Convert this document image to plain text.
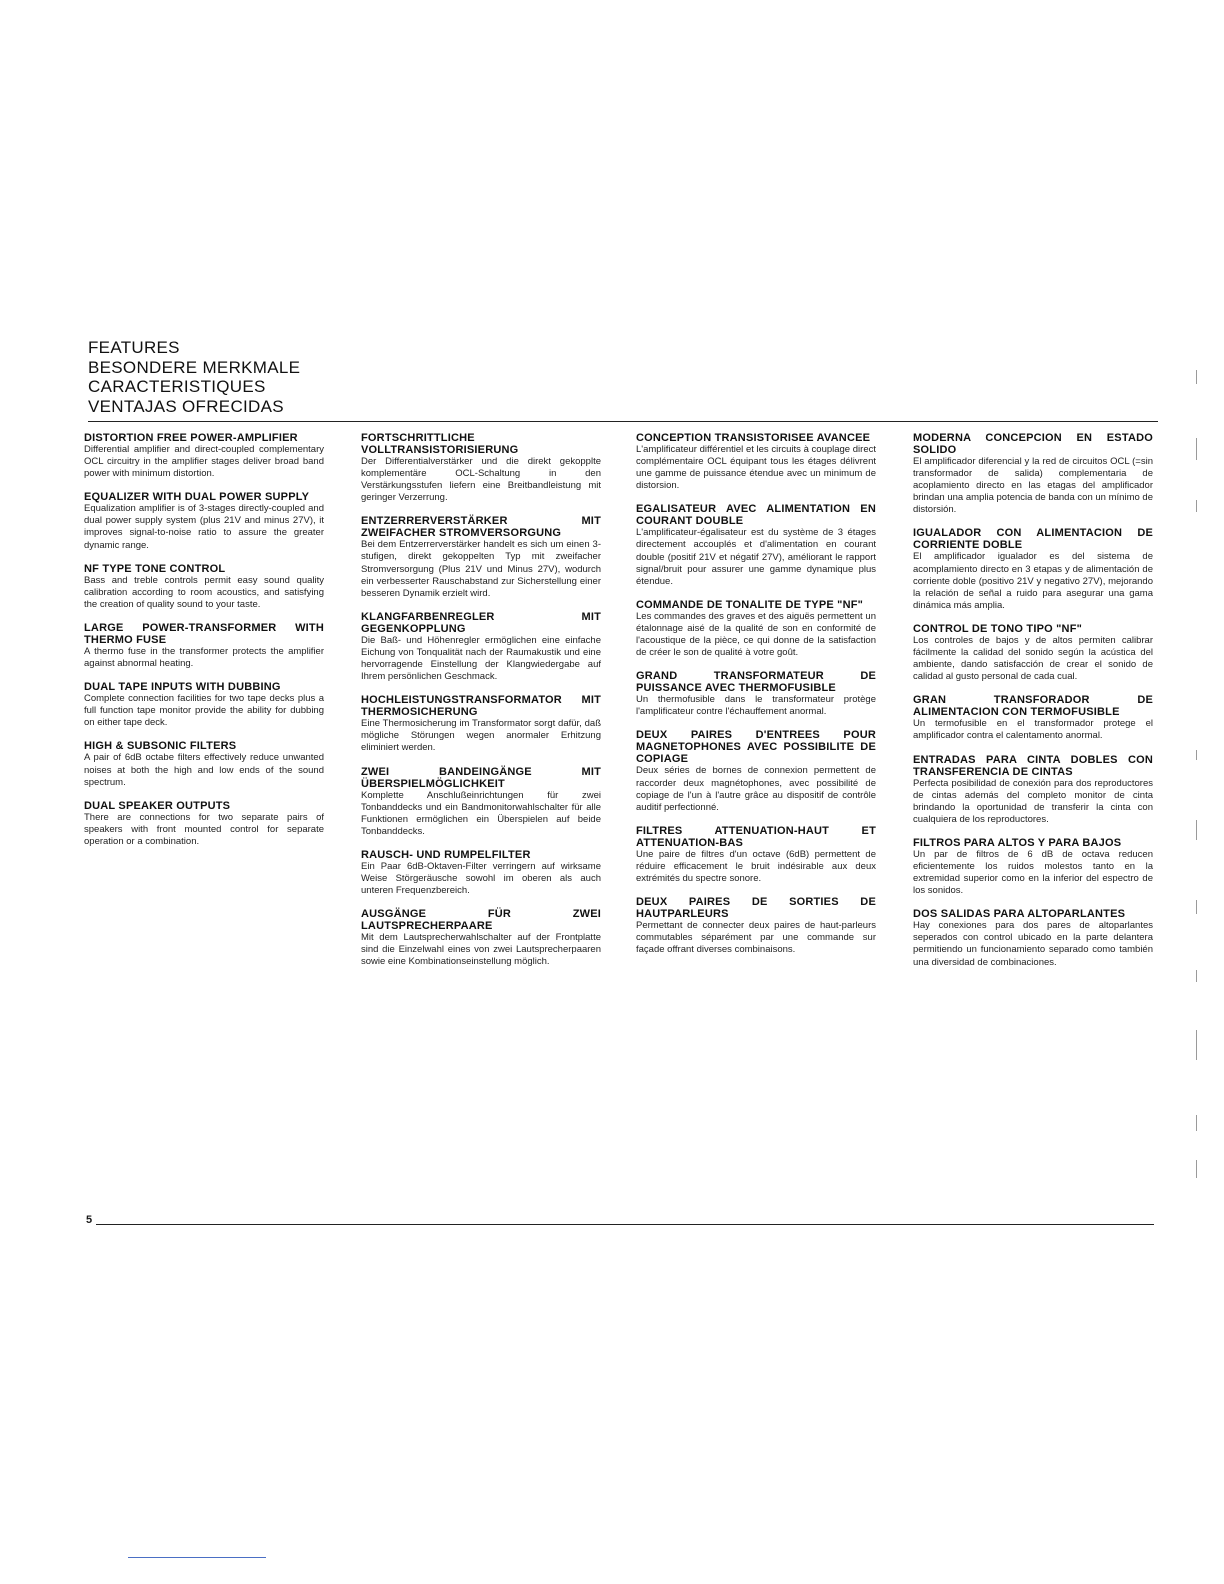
FEATURES
BESONDERE MERKMALE
CARACTERISTIQUES
VENTAJAS OFRECIDAS
DISTORTION FREE POWER-AMPLIFIER

Differential amplifier and direct-coupled complementary OCL circuitry in the amplifier stages deliver broad band power with minimum distortion.

EQUALIZER WITH DUAL POWER SUPPLY

Equalization amplifier is of 3-stages directly-coupled and dual power supply system (plus 21V and minus 27V), it improves signal-to-noise ratio to assure the greater dynamic range.

NF TYPE TONE CONTROL

Bass and treble controls permit easy sound quality calibration according to room acoustics, and satisfying the creation of quality sound to your taste.

LARGE POWER-TRANSFORMER WITH THERMO FUSE

A thermo fuse in the transformer protects the amplifier against abnormal heating.

DUAL TAPE INPUTS WITH DUBBING

Complete connection facilities for two tape decks plus a full function tape monitor provide the ability for dubbing on either tape deck.

HIGH & SUBSONIC FILTERS

A pair of 6dB octabe filters effectively reduce unwanted noises at both the high and low ends of the sound spectrum.

DUAL SPEAKER OUTPUTS

There are connections for two separate pairs of speakers with front mounted control for separate operation or a combination.

FORTSCHRITTLICHE VOLLTRANSISTORISIERUNG

Der Differentialverstärker und die direkt gekopplte komplementäre OCL-Schaltung in den Verstärkungsstufen liefern eine Breitbandleistung mit geringer Verzerrung.

ENTZERRERVERSTÄRKER MIT ZWEIFACHER STROMVERSORGUNG

Bei dem Entzerrerverstärker handelt es sich um einen 3-stufigen, direkt gekoppelten Typ mit zweifacher Stromversorgung (Plus 21V und Minus 27V), wodurch ein verbesserter Rauschabstand zur Sicherstellung einer besseren Dynamik erzielt wird.

KLANGFARBENREGLER MIT GEGENKOPPLUNG

Die Baß- und Höhenregler ermöglichen eine einfache Eichung von Tonqualität nach der Raumakustik und eine hervorragende Einstellung der Klangwiedergabe auf Ihrem persönlichen Geschmack.

HOCHLEISTUNGSTRANSFORMATOR MIT THERMOSICHERUNG

Eine Thermosicherung im Transformator sorgt dafür, daß mögliche Störungen wegen anormaler Erhitzung eliminiert werden.

ZWEI BANDEINGÄNGE MIT ÜBERSPIELMÖGLICHKEIT

Komplette Anschlußeinrichtungen für zwei Tonbanddecks und ein Bandmonitorwahlschalter für alle Funktionen ermöglichen ein Überspielen auf beide Tonbanddecks.

RAUSCH- UND RUMPELFILTER

Ein Paar 6dB-Oktaven-Filter verringern auf wirksame Weise Störgeräusche sowohl im oberen als auch unteren Frequenzbereich.

AUSGÄNGE FÜR ZWEI LAUTSPRECHERPAARE

Mit dem Lautsprecherwahlschalter auf der Frontplatte sind die Einzelwahl eines von zwei Lautsprecherpaaren sowie eine Kombinationseinstellung möglich.

CONCEPTION TRANSISTORISEE AVANCEE

L'amplificateur différentiel et les circuits à couplage direct complémentaire OCL équipant tous les étages délivrent une gamme de puissance étendue avec un minimum de distorsion.

EGALISATEUR AVEC ALIMENTATION EN COURANT DOUBLE

L'amplificateur-égalisateur est du système de 3 étages directement accouplés et d'alimentation en courant double (positif 21V et négatif 27V), améliorant le rapport signal/bruit pour assurer une gamme dynamique plus étendue.

COMMANDE DE TONALITE DE TYPE "NF"

Les commandes des graves et des aiguës permettent un étalonnage aisé de la qualité de son en conformité de l'acoustique de la pièce, ce qui donne de la satisfaction de créer le son de qualité à votre goût.

GRAND TRANSFORMATEUR DE PUISSANCE AVEC THERMOFUSIBLE

Un thermofusible dans le transformateur protège l'amplificateur contre l'échauffement anormal.

DEUX PAIRES D'ENTREES POUR MAGNETOPHONES AVEC POSSIBILITE DE COPIAGE

Deux séries de bornes de connexion permettent de raccorder deux magnétophones, avec possibilité de copiage de l'un à l'autre grâce au dispositif de contrôle auditif perfectionné.

FILTRES ATTENUATION-HAUT ET ATTENUATION-BAS

Une paire de filtres d'un octave (6dB) permettent de réduire efficacement le bruit indésirable aux deux extrémités du spectre sonore.

DEUX PAIRES DE SORTIES DE HAUTPARLEURS

Permettant de connecter deux paires de haut-parleurs commutables séparément par une commande sur façade offrant diverses combinaisons.

MODERNA CONCEPCION EN ESTADO SOLIDO

El amplificador diferencial y la red de circuitos OCL (=sin transformador de salida) complementaria de acoplamiento directo en las etagas del amplificador brindan una amplia potencia de banda con un mínimo de distorsión.

IGUALADOR CON ALIMENTACION DE CORRIENTE DOBLE

El amplificador igualador es del sistema de acomplamiento directo en 3 etapas y de alimentación de corriente doble (positivo 21V y negativo 27V), mejorando la relación de señal a ruido para asegurar una gama dinámica más amplia.

CONTROL DE TONO TIPO "NF"

Los controles de bajos y de altos permiten calibrar fácilmente la calidad del sonido según la acústica del ambiente, dando satisfacción de crear el sonido de calidad al gusto personal de cada cual.

GRAN TRANSFORADOR DE ALIMENTACION CON TERMOFUSIBLE

Un termofusible en el transformador protege el amplificador contra el calentamento anormal.

ENTRADAS PARA CINTA DOBLES CON TRANSFERENCIA DE CINTAS

Perfecta posibilidad de conexión para dos reproductores de cintas además del completo monitor de cinta brindando la oportunidad de transferir la cinta con cualquiera de los reproductores.

FILTROS PARA ALTOS Y PARA BAJOS

Un par de filtros de 6 dB de octava reducen eficientemente los ruidos molestos tanto en la extremidad superior como en la inferior del espectro de los sonidos.

DOS SALIDAS PARA ALTOPARLANTES

Hay conexiones para dos pares de altoparlantes seperados con control ubicado en la parte delantera permitiendo un funcionamiento separado como también una diversidad de combinaciones.

5
